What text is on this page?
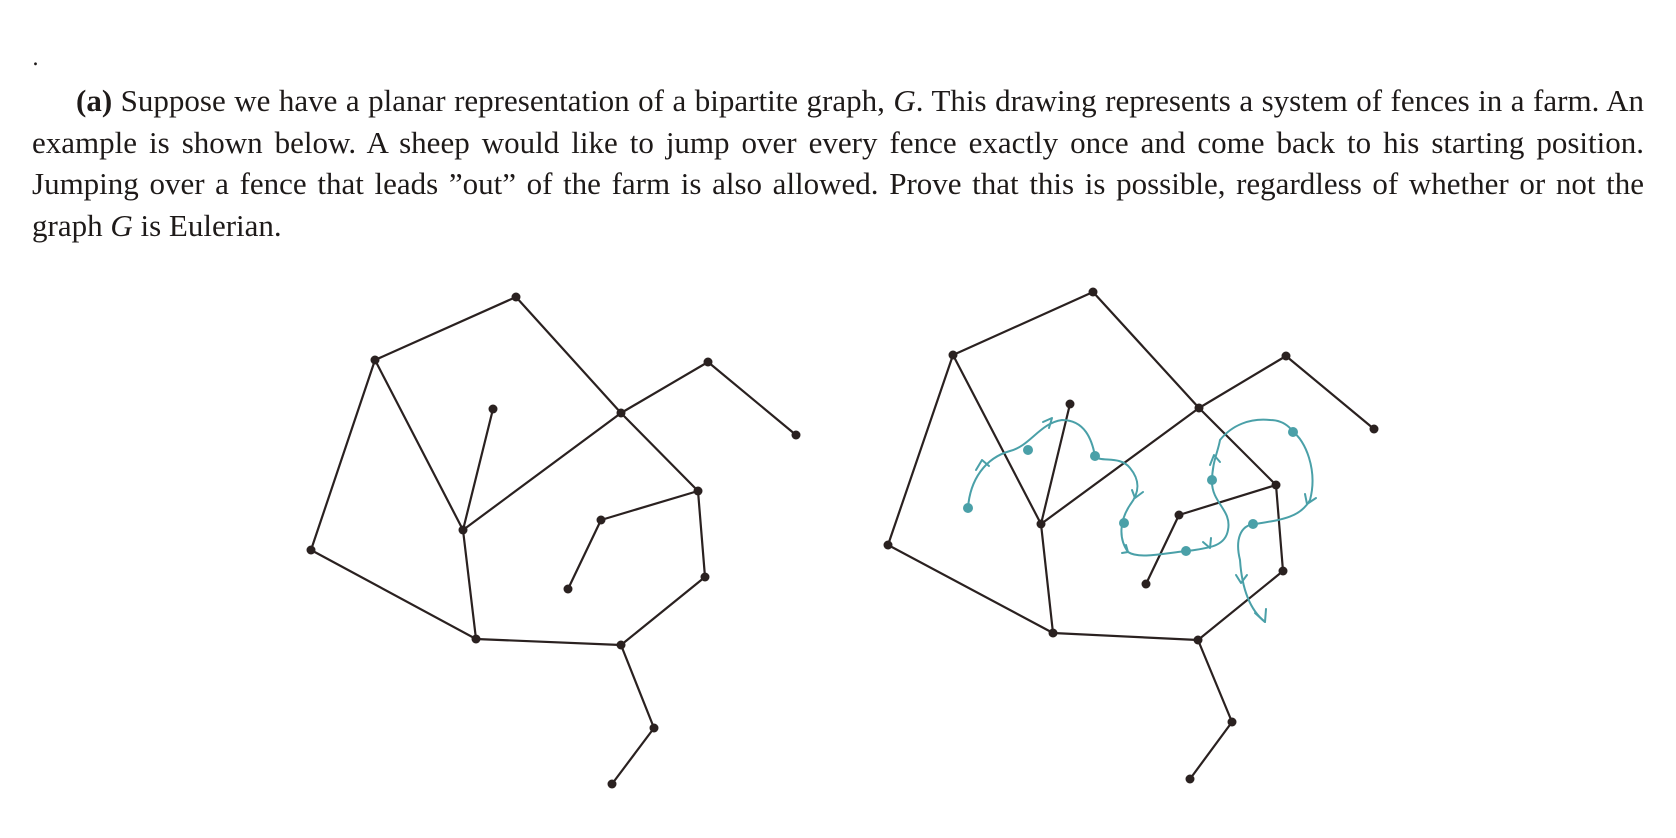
.

(a) Suppose we have a planar representation of a bipartite graph, G. This drawing represents a system of fences in a farm. An example is shown below. A sheep would like to jump over every fence exactly once and come back to his starting position. Jumping over a fence that leads ”out” of the farm is also allowed. Prove that this is possible, regardless of whether or not the graph G is Eulerian.
